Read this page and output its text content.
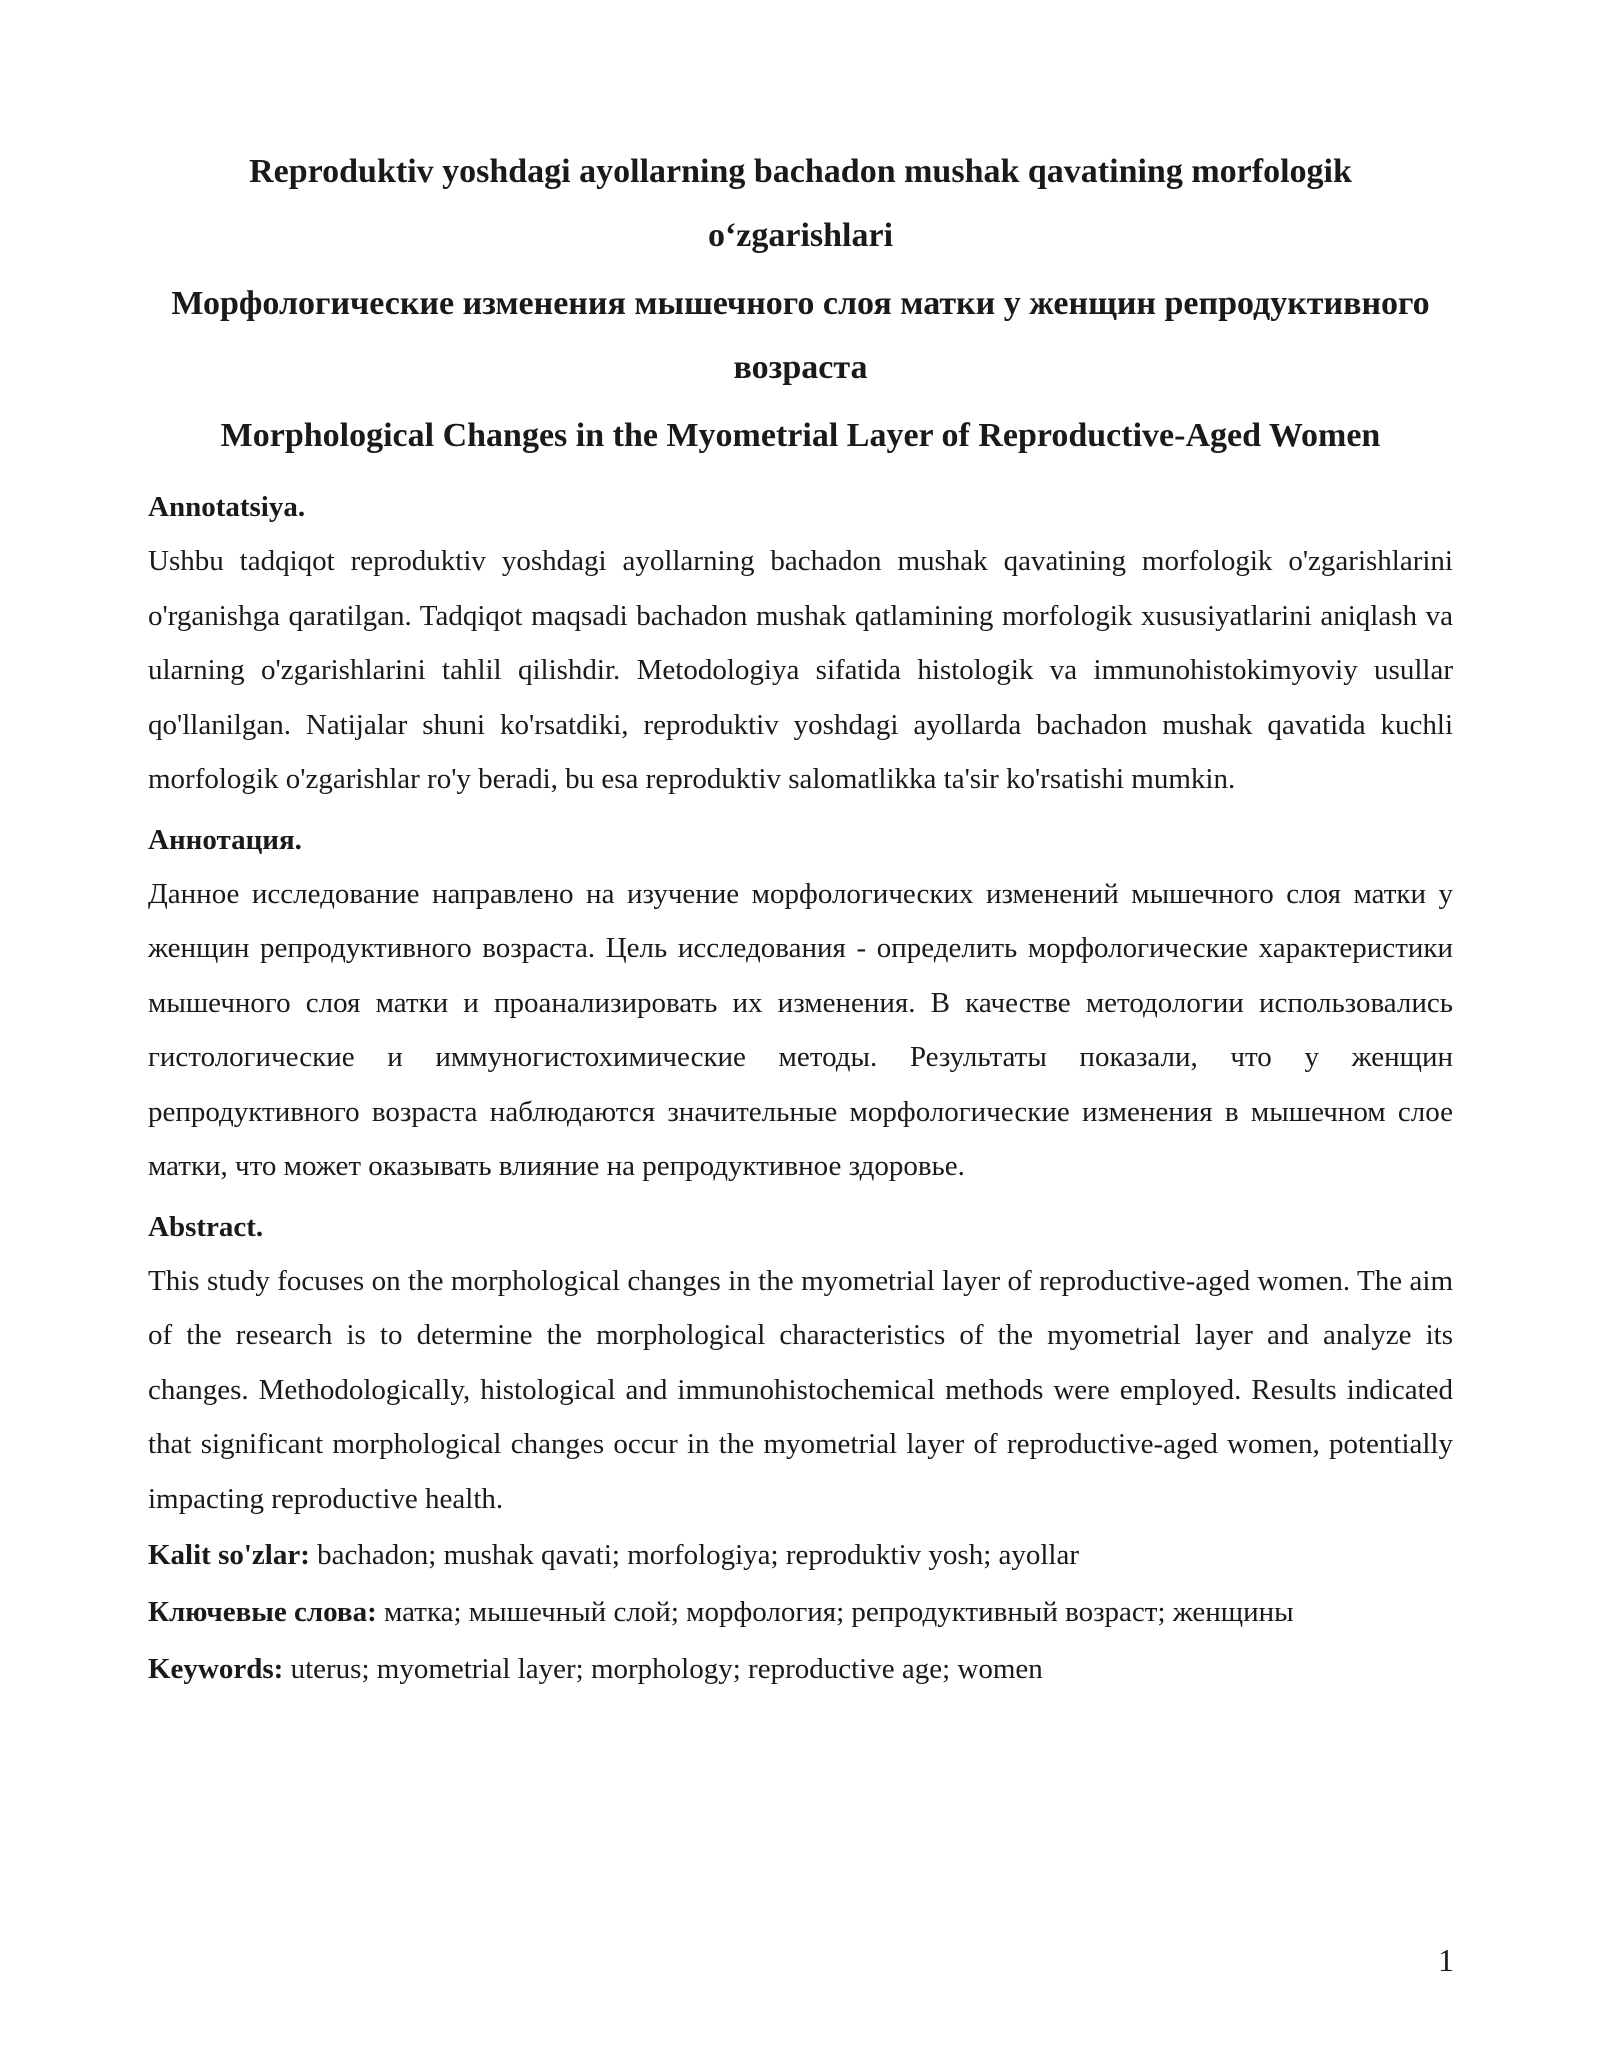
Reproduktiv yoshdagi ayollarning bachadon mushak qavatining morfologik o‘zgarishlari
Морфологические изменения мышечного слоя матки у женщин репродуктивного возраста
Morphological Changes in the Myometrial Layer of Reproductive-Aged Women
Annotatsiya.

Ushbu tadqiqot reproduktiv yoshdagi ayollarning bachadon mushak qavatining morfologik o'zgarishlarini o'rganishga qaratilgan. Tadqiqot maqsadi bachadon mushak qatlamining morfologik xususiyatlarini aniqlash va ularning o'zgarishlarini tahlil qilishdir. Metodologiya sifatida histologik va immunohistokimyoviy usullar qo'llanilgan. Natijalar shuni ko'rsatdiki, reproduktiv yoshdagi ayollarda bachadon mushak qavatida kuchli morfologik o'zgarishlar ro'y beradi, bu esa reproduktiv salomatlikka ta'sir ko'rsatishi mumkin.

Аннотация.

Данное исследование направлено на изучение морфологических изменений мышечного слоя матки у женщин репродуктивного возраста. Цель исследования - определить морфологические характеристики мышечного слоя матки и проанализировать их изменения. В качестве методологии использовались гистологические и иммуногистохимические методы. Результаты показали, что у женщин репродуктивного возраста наблюдаются значительные морфологические изменения в мышечном слое матки, что может оказывать влияние на репродуктивное здоровье.

Abstract.

This study focuses on the morphological changes in the myometrial layer of reproductive-aged women. The aim of the research is to determine the morphological characteristics of the myometrial layer and analyze its changes. Methodologically, histological and immunohistochemical methods were employed. Results indicated that significant morphological changes occur in the myometrial layer of reproductive-aged women, potentially impacting reproductive health.

Kalit so'zlar: bachadon; mushak qavati; morfologiya; reproduktiv yosh; ayollar
Ключевые слова: матка; мышечный слой; морфология; репродуктивный возраст; женщины
Keywords: uterus; myometrial layer; morphology; reproductive age; women
1
